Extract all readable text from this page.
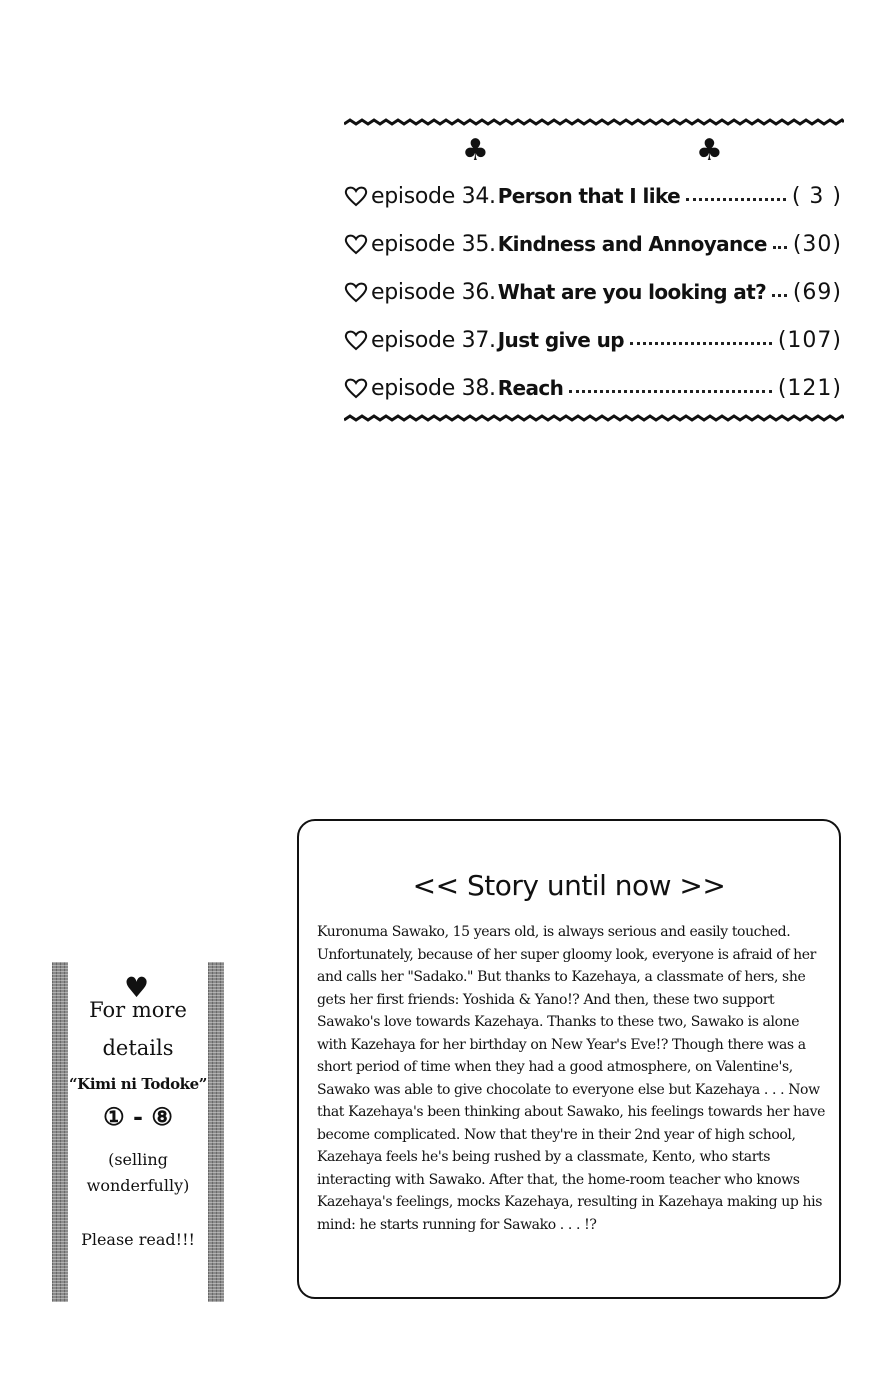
♣	♣
episode 34. Person that I like	( 3 )
episode 35. Kindness and Annoyance (30)
episode 36. What are you looking at? (69)
episode 37. Just give up	(107)
episode 38. Reach	(121)
♥
For more
details
“Kimi ni Todoke”
① - ⑧
(selling
wonderfully)
Please read!!!
<< Story until now >>
Kuronuma Sawako, 15 years old, is always serious and easily touched. Unfortunately, because of her super gloomy look, everyone is afraid of her and calls her "Sadako." But thanks to Kazehaya, a classmate of hers, she gets her first friends: Yoshida & Yano!? And then, these two support Sawako's love towards Kazehaya. Thanks to these two, Sawako is alone with Kazehaya for her birthday on New Year's Eve!? Though there was a short period of time when they had a good atmosphere, on Valentine's, Sawako was able to give chocolate to everyone else but Kazehaya . . . Now that Kazehaya's been thinking about Sawako, his feelings towards her have become complicated. Now that they're in their 2nd year of high school, Kazehaya feels he's being rushed by a classmate, Kento, who starts interacting with Sawako. After that, the home-room teacher who knows Kazehaya's feelings, mocks Kazehaya, resulting in Kazehaya making up his mind: he starts running for Sawako . . . !?
